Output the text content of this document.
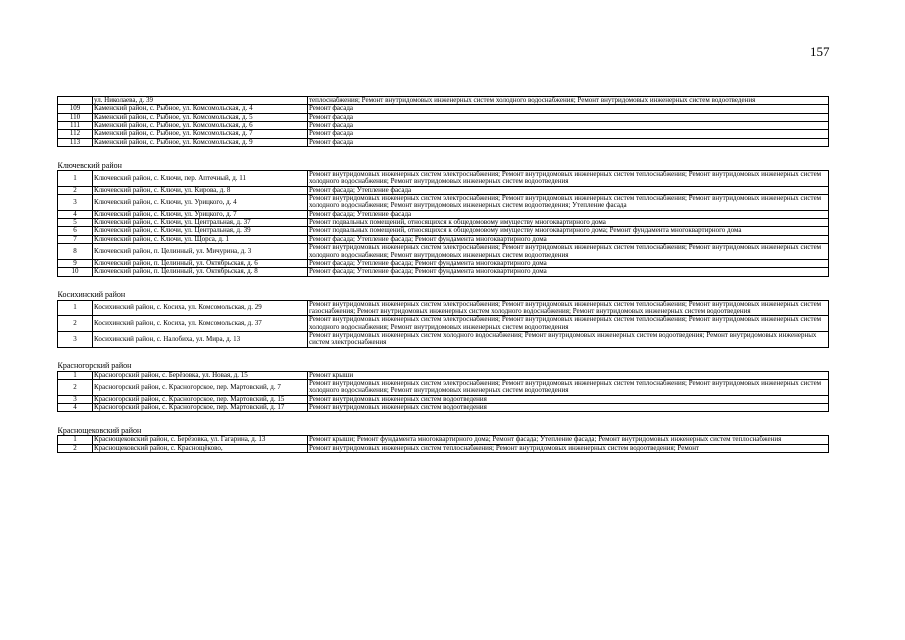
157
	ул. Николаева, д. 39	теплоснабжения; Ремонт внутридомовых инженерных систем холодного водоснабжения; Ремонт внутридомовых инженерных систем водоотведения
109	Каменский район, с. Рыбное, ул. Комсомольская, д. 4	Ремонт фасада
110	Каменский район, с. Рыбное, ул. Комсомольская, д. 5	Ремонт фасада
111	Каменский район, с. Рыбное, ул. Комсомольская, д. 6	Ремонт фасада
112	Каменский район, с. Рыбное, ул. Комсомольская, д. 7	Ремонт фасада
113	Каменский район, с. Рыбное, ул. Комсомольская, д. 9	Ремонт фасада

Ключевский район		
1	Ключевский район, с. Ключи, пер. Аптечный, д. 11	Ремонт внутридомовых инженерных систем электроснабжения; Ремонт внутридомовых инженерных систем теплоснабжения; Ремонт внутридомовых инженерных систем холодного водоснабжения; Ремонт внутридомовых инженерных систем водоотведения
2	Ключевский район, с. Ключи, ул. Кирова, д. 8	Ремонт фасада; Утепление фасада
3	Ключевский район, с. Ключи, ул. Урицкого, д. 4	Ремонт внутридомовых инженерных систем электроснабжения; Ремонт внутридомовых инженерных систем теплоснабжения; Ремонт внутридомовых инженерных систем холодного водоснабжения; Ремонт внутридомовых инженерных систем водоотведения; Утепление фасада
4	Ключевский район, с. Ключи, ул. Урицкого, д. 7	Ремонт фасада; Утепление фасада
5	Ключевский район, с. Ключи, ул. Центральная, д. 37	Ремонт подвальных помещений, относящихся к общедомовому имуществу многоквартирного дома
6	Ключевский район, с. Ключи, ул. Центральная, д. 39	Ремонт подвальных помещений, относящихся к общедомовому имуществу многоквартирного дома; Ремонт фундамента многоквартирного дома
7	Ключевский район, с. Ключи, ул. Щорса, д. 1	Ремонт фасада; Утепление фасада; Ремонт фундамента многоквартирного дома
8	Ключевский район, п. Целинный, ул. Мичурина, д. 3	Ремонт внутридомовых инженерных систем электроснабжения; Ремонт внутридомовых инженерных систем теплоснабжения; Ремонт внутридомовых инженерных систем холодного водоснабжения; Ремонт внутридомовых инженерных систем водоотведения
9	Ключевский район, п. Целинный, ул. Октябрьская, д. 6	Ремонт фасада; Утепление фасада; Ремонт фундамента многоквартирного дома
10	Ключевский район, п. Целинный, ул. Октябрьская, д. 8	Ремонт фасада; Утепление фасада; Ремонт фундамента многоквартирного дома

Косихинский район		
1	Косихинский район, с. Косиха, ул. Комсомольская, д. 29	Ремонт внутридомовых инженерных систем электроснабжения; Ремонт внутридомовых инженерных систем теплоснабжения; Ремонт внутридомовых инженерных систем газоснабжения; Ремонт внутридомовых инженерных систем холодного водоснабжения; Ремонт внутридомовых инженерных систем водоотведения
2	Косихинский район, с. Косиха, ул. Комсомольская, д. 37	Ремонт внутридомовых инженерных систем электроснабжения; Ремонт внутридомовых инженерных систем теплоснабжения; Ремонт внутридомовых инженерных систем холодного водоснабжения; Ремонт внутридомовых инженерных систем водоотведения
3	Косихинский район, с. Налобиха, ул. Мира, д. 13	Ремонт внутридомовых инженерных систем холодного водоснабжения; Ремонт внутридомовых инженерных систем водоотведения; Ремонт внутридомовых инженерных систем электроснабжения

Красногорский район		
1	Красногорский район, с. Берёзовка, ул. Новая, д. 15	Ремонт крыши
2	Красногорский район, с. Красногорское, пер. Мартовский, д. 7	Ремонт внутридомовых инженерных систем электроснабжения; Ремонт внутридомовых инженерных систем теплоснабжения; Ремонт внутридомовых инженерных систем холодного водоснабжения; Ремонт внутридомовых инженерных систем водоотведения
3	Красногорский район, с. Красногорское, пер. Мартовский, д. 15	Ремонт внутридомовых инженерных систем водоотведения
4	Красногорский район, с. Красногорское, пер. Мартовский, д. 17	Ремонт внутридомовых инженерных систем водоотведения

Краснощековский район		
1	Краснощековский район, с. Берёзовка, ул. Гагарина, д. 13	Ремонт крыши; Ремонт фундамента многоквартирного дома; Ремонт фасада; Утепление фасада; Ремонт внутридомовых инженерных систем теплоснабжения
2	Краснощековский район, с. Краснощёково,	Ремонт внутридомовых инженерных систем теплоснабжения; Ремонт внутридомовых инженерных систем водоотведения; Ремонт
